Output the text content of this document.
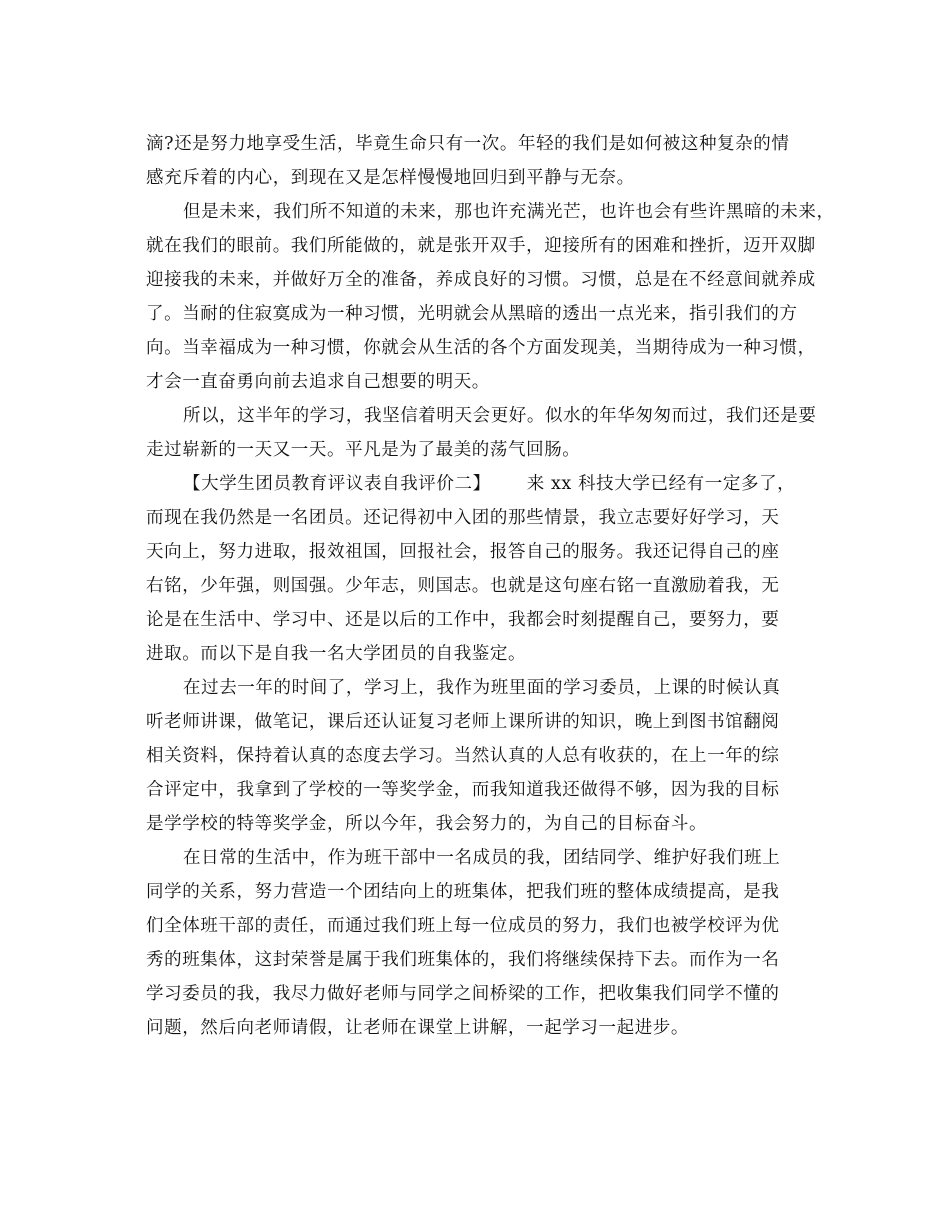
滴?还是努力地享受生活，毕竟生命只有一次。年轻的我们是如何被这种复杂的情
感充斥着的内心，到现在又是怎样慢慢地回归到平静与无奈。
但是未来，我们所不知道的未来，那也许充满光芒，也许也会有些许黑暗的未来，
就在我们的眼前。我们所能做的，就是张开双手，迎接所有的困难和挫折，迈开双脚
迎接我的未来，并做好万全的准备，养成良好的习惯。习惯，总是在不经意间就养成
了。当耐的住寂寞成为一种习惯，光明就会从黑暗的透出一点光来，指引我们的方
向。当幸福成为一种习惯，你就会从生活的各个方面发现美，当期待成为一种习惯，
才会一直奋勇向前去追求自己想要的明天。
所以，这半年的学习，我坚信着明天会更好。似水的年华匆匆而过，我们还是要
走过崭新的一天又一天。平凡是为了最美的荡气回肠。
【大学生团员教育评议表自我评价二】 来 xx 科技大学已经有一定多了，
而现在我仍然是一名团员。还记得初中入团的那些情景，我立志要好好学习，天
天向上，努力进取，报效祖国，回报社会，报答自己的服务。我还记得自己的座
右铭，少年强，则国强。少年志，则国志。也就是这句座右铭一直激励着我，无
论是在生活中、学习中、还是以后的工作中，我都会时刻提醒自己，要努力，要
进取。而以下是自我一名大学团员的自我鉴定。
在过去一年的时间了，学习上，我作为班里面的学习委员，上课的时候认真
听老师讲课，做笔记，课后还认证复习老师上课所讲的知识，晚上到图书馆翻阅
相关资料，保持着认真的态度去学习。当然认真的人总有收获的，在上一年的综
合评定中，我拿到了学校的一等奖学金，而我知道我还做得不够，因为我的目标
是学学校的特等奖学金，所以今年，我会努力的，为自己的目标奋斗。
在日常的生活中，作为班干部中一名成员的我，团结同学、维护好我们班上
同学的关系，努力营造一个团结向上的班集体，把我们班的整体成绩提高，是我
们全体班干部的责任，而通过我们班上每一位成员的努力，我们也被学校评为优
秀的班集体，这封荣誉是属于我们班集体的，我们将继续保持下去。而作为一名
学习委员的我，我尽力做好老师与同学之间桥梁的工作，把收集我们同学不懂的
问题，然后向老师请假，让老师在课堂上讲解，一起学习一起进步。
